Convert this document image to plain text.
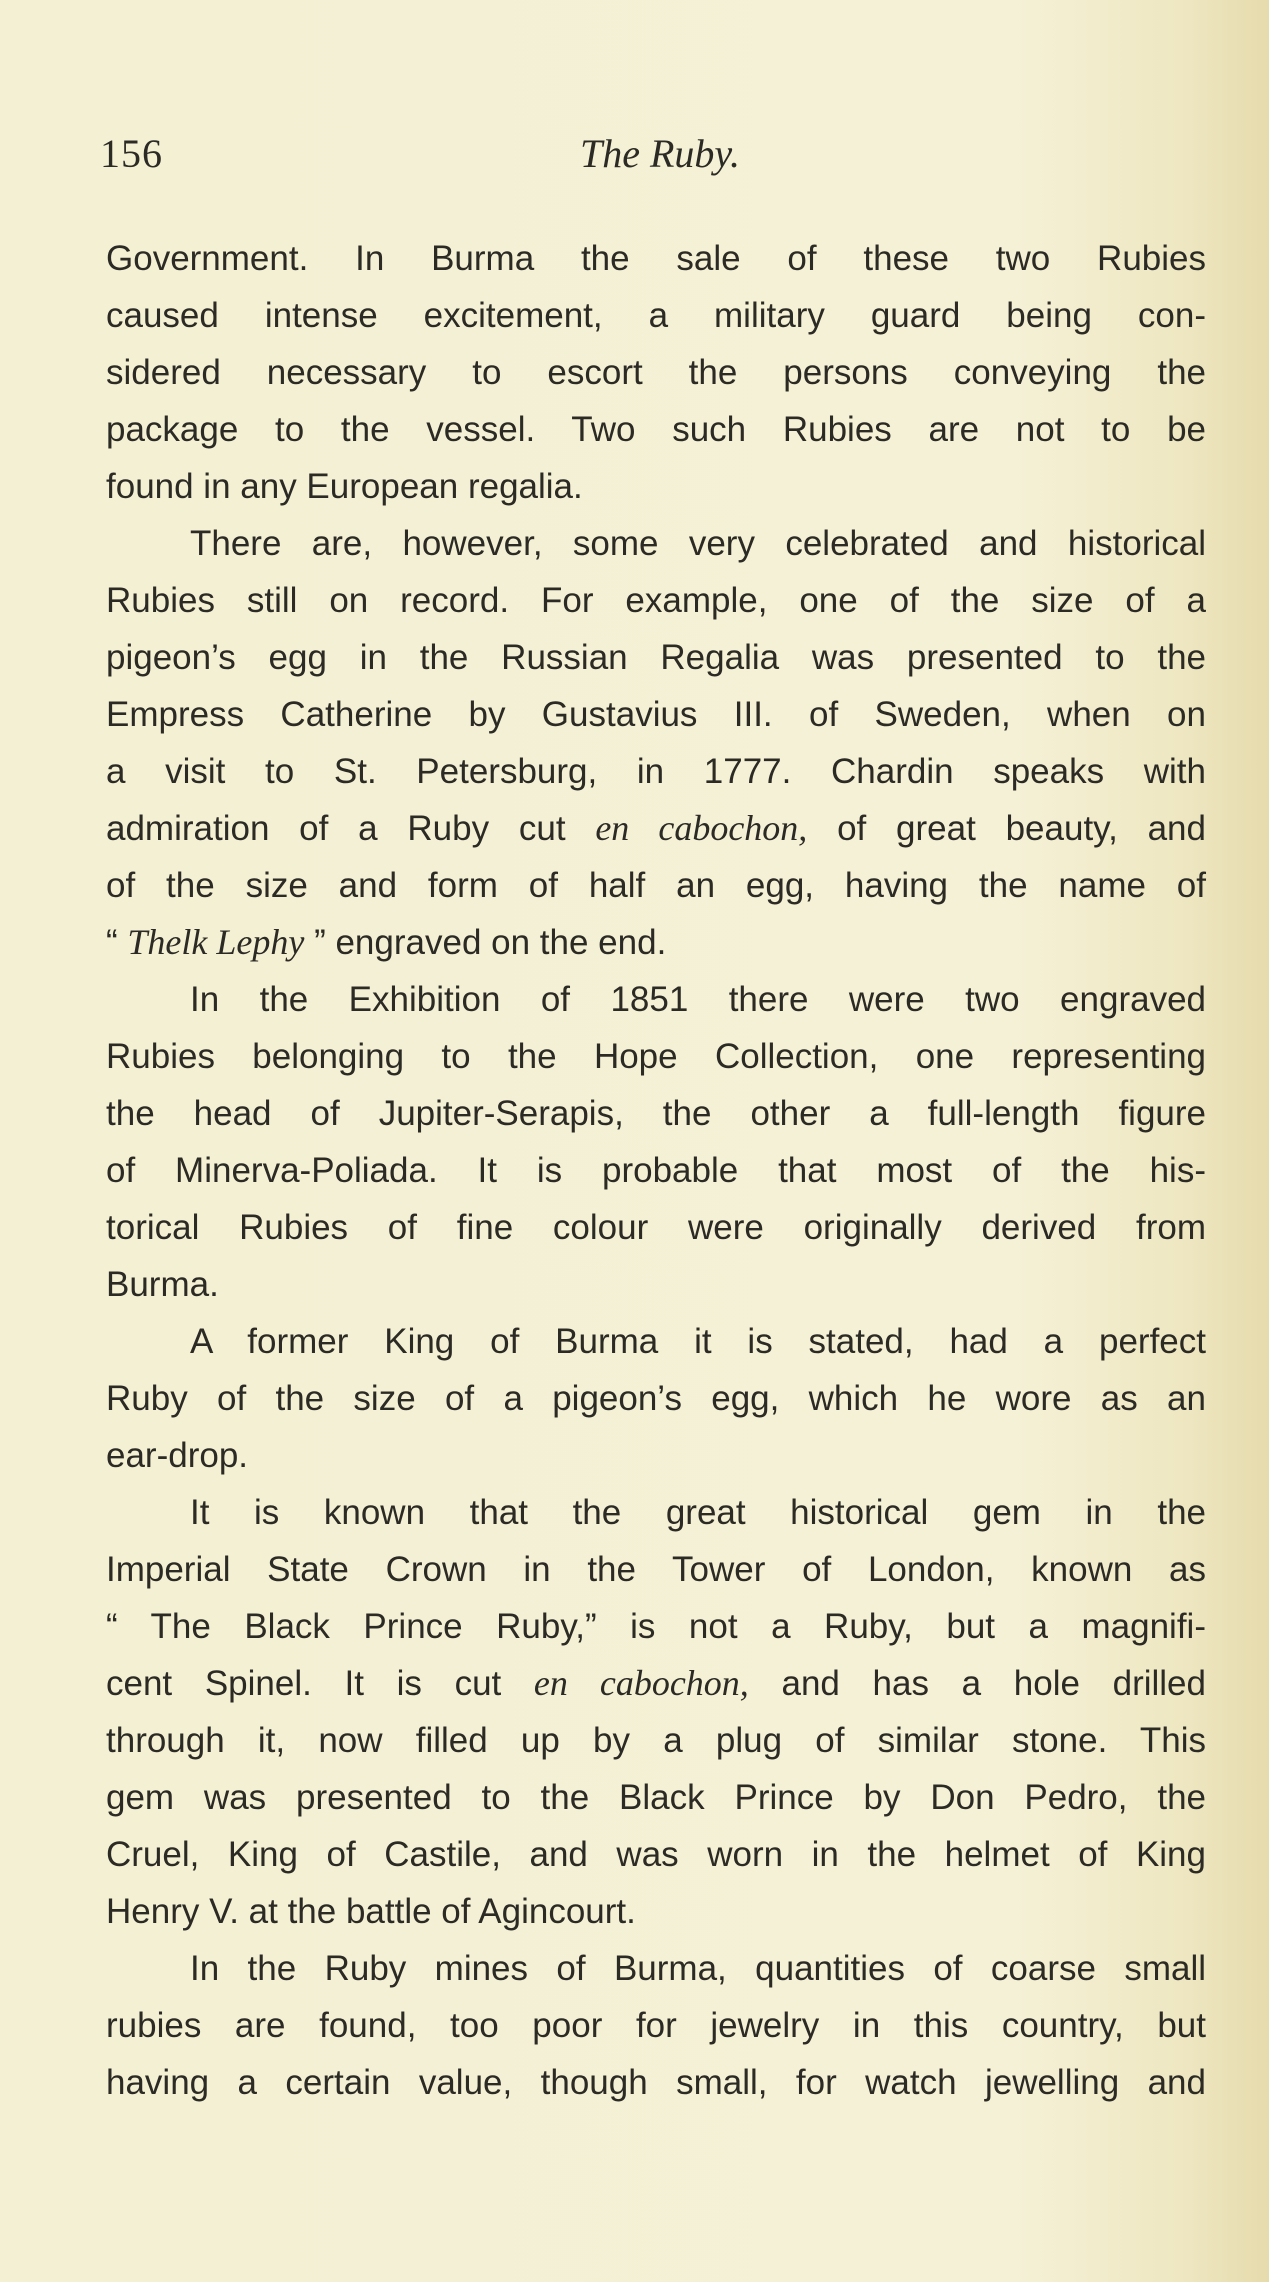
156	The Ruby.
Government. In Burma the sale of these two Rubies
caused intense excitement, a military guard being con-
sidered necessary to escort the persons conveying the
package to the vessel. Two such Rubies are not to be
found in any European regalia.
There are, however, some very celebrated and historical
Rubies still on record. For example, one of the size of a
pigeon’s egg in the Russian Regalia was presented to the
Empress Catherine by Gustavius III. of Sweden, when on
a visit to St. Petersburg, in 1777. Chardin speaks with
admiration of a Ruby cut en cabochon, of great beauty, and
of the size and form of half an egg, having the name of
“ Thelk Lephy ” engraved on the end.
In the Exhibition of 1851 there were two engraved
Rubies belonging to the Hope Collection, one representing
the head of Jupiter-Serapis, the other a full-length figure
of Minerva-Poliada. It is probable that most of the his-
torical Rubies of fine colour were originally derived from
Burma.
A former King of Burma it is stated, had a perfect
Ruby of the size of a pigeon’s egg, which he wore as an
ear-drop.
It is known that the great historical gem in the
Imperial State Crown in the Tower of London, known as
“ The Black Prince Ruby,” is not a Ruby, but a magnifi-
cent Spinel. It is cut en cabochon, and has a hole drilled
through it, now filled up by a plug of similar stone. This
gem was presented to the Black Prince by Don Pedro, the
Cruel, King of Castile, and was worn in the helmet of King
Henry V. at the battle of Agincourt.
In the Ruby mines of Burma, quantities of coarse small
rubies are found, too poor for jewelry in this country, but
having a certain value, though small, for watch jewelling and
